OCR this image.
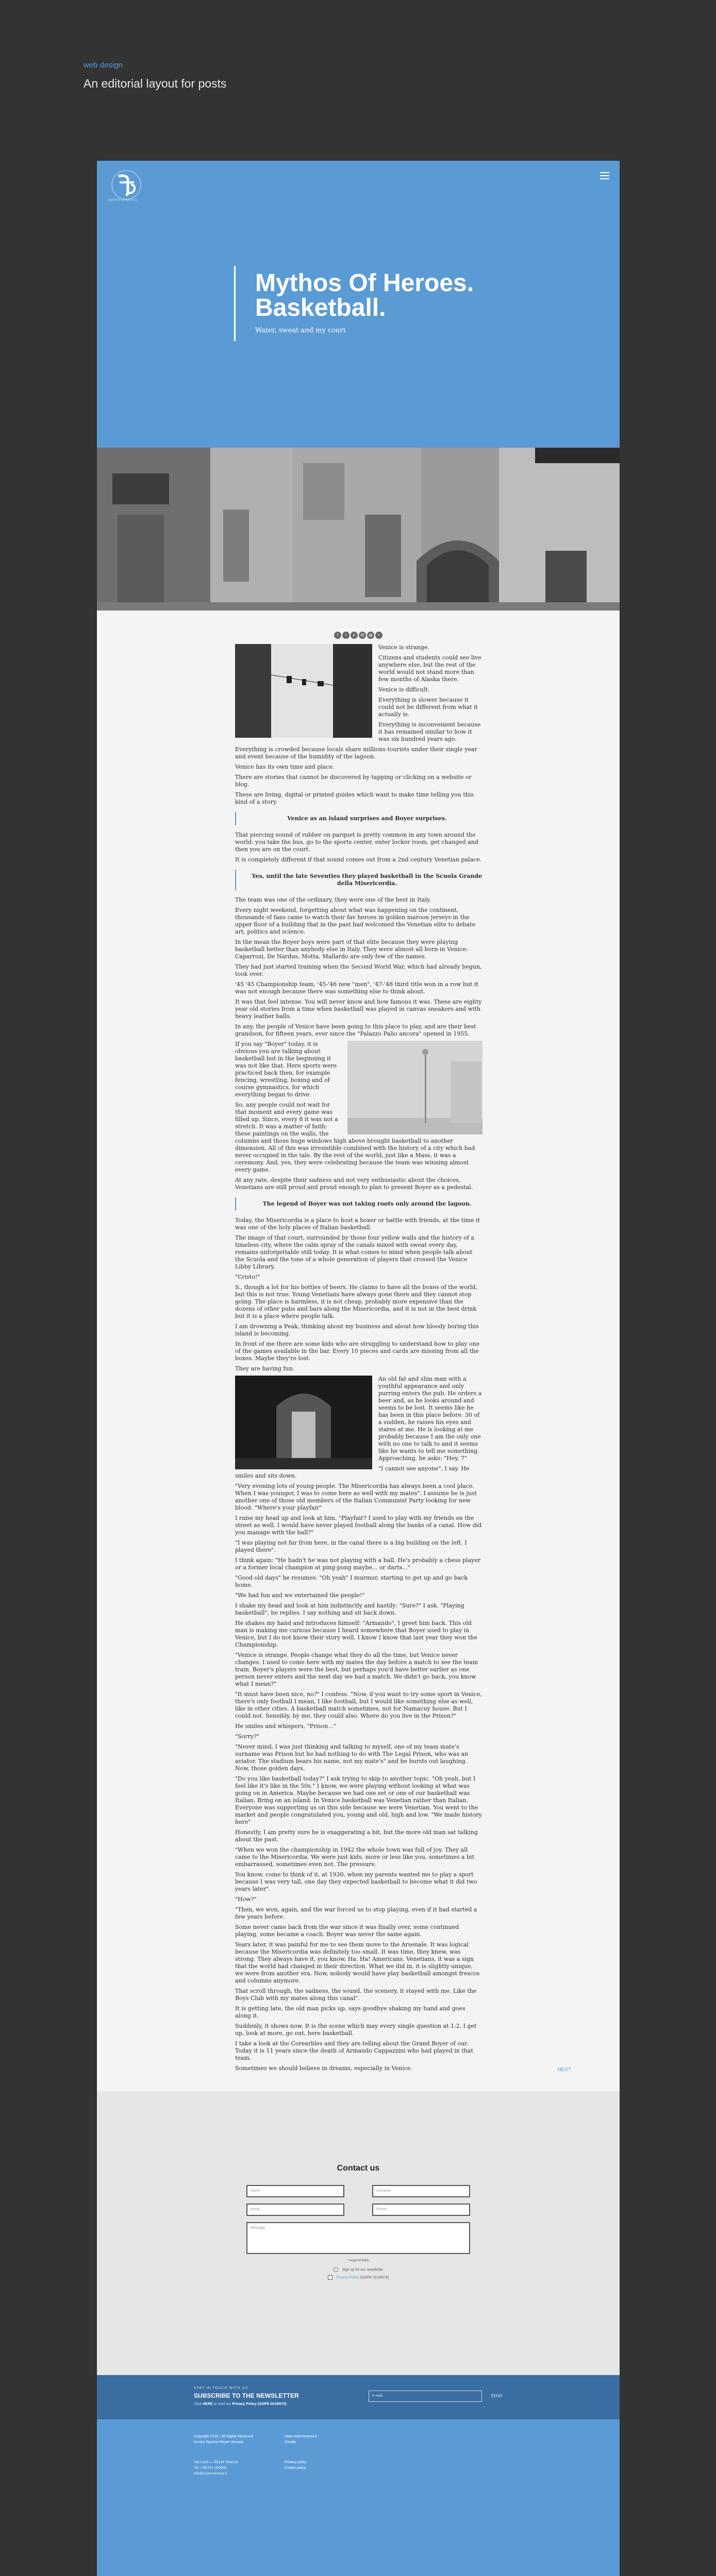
web design
An editorial layout for posts
CENTRO SPORTIVO
Mythos Of Heroes.
Basketball.
Water, sweat and my court
f t p @ ▤ +

Venice is strange.

Citizens and students could see live anywhere else, but the rest of the world would not stand more than few months of Alaska there.

Venice is difficult.

Everything is slower because it could not be different from what it actually is.

Everything is inconvenient because it has remained similar to how it was six hundred years ago.

Everything is crowded because locals share millions tourists under their single year and event because of the humidity of the lagoon.

Venice has its own time and place.

There are stories that cannot be discovered by tapping or clicking on a website or blog.

These are living, digital or printed guides which want to make time telling you this kind of a story.

Venice as an island surprises and Boyer surprises.

That piercing sound of rubber on parquet is pretty common in any town around the world: you take the bus, go to the sports center, enter locker room, get changed and then you are on the court.

It is completely different if that sound comes out from a 2nd century Venetian palace.

Yes, until the late Seventies they played basketball in the Scuola Grande della Misericordia.

The team was one of the ordinary, they were one of the best in Italy.

Every night weekend, forgetting about what was happening on the continent, thousands of fans came to watch their fav heroes in golden maroon jerseys in the upper floor of a building that in the past had welcomed the Venetian elite to debate art, politics and science.

In the mean the Boyer boys were part of that elite because they were playing basketball better than anybody else in Italy. They were almost all born in Venice: Caparrozi, De Nardus, Motta, Mallardo are only few of the names.

They had just started training when the Second World War, which had already begun, took over.

'45 '45 Championship team, '45-'46 new "men", '47-'48 third title won in a row but it was not enough because there was something else to think about.

It was that feel intense. You will never know and how famous it was. These are eighty year old stories from a time when basketball was played in canvas sneakers and with heavy leather balls.

In any, the people of Venice have been going to this place to play, and are their best grandson, for fifteen years, ever since the "Palazzo Palio ancora" opened in 1955.

If you say "Boyer" today, it is obvious you are talking about basketball but in the beginning it was not like that. Here sports were practiced back then, for example fencing, wrestling, boxing and of course gymnastics, for which everything began to drive.

So, any people could not wait for that moment and every game was filled up. Since, every 8 it was not a stretch. It was a matter of faith: these paintings on the walls, the columns and those huge windows high above brought basketball to another dimension. All of this was irresistible combined with the history of a city which had never occupied in the tale. By the rest of the world, just like a Mass, it was a ceremony. And, yes, they were celebrating because the team was winning almost every game.

At any rate, despite their sadness and not very enthusiastic about the choices, Venetians are still proud and proud enough to plan to present Boyer as a pedestal.

The legend of Boyer was not taking roots only around the lagoon.

Today, the Misericordia is a place to host a boxer or battle with friends, at the time it was one of the holy places of Italian basketball.

The image of that court, surrounded by those four yellow walls and the history of a timeless city, where the calm spray of the canals mixed with sweat every day, remains unforgettable still today. It is what comes to mind when people talk about the Scuola and the tone of a whole generation of players that crossed the Venice Libby Library.

"Cristo!"

S., though a lot for his bottles of beers. He claims to have all the boxes of the world, but this is not true. Young Venetians have always gone there and they cannot stop going. The place is harmless, it is not cheap, probably more expensive than the dozens of other pubs and bars along the Misericordia, and it is not in the best drink but it is a place where people talk.

I am drowning a Peak, thinking about my business and about how bloody boring this island is becoming.

In front of me there are some kids who are struggling to understand how to play one of the games available in the bar. Every 10 pieces and cards are missing from all the boxes. Maybe they're lost.

They are having fun.

An old fat and slim man with a youthful appearance and only purring enters the pub. He orders a beer and, as he looks around and seems to be lost. It seems like he has been in this place before. 30 of a sudden, he raises his eyes and stares at me. He is looking at me probably because I am the only one with no one to talk to and it seems like he wants to tell me something. Approaching, he asks: "Hey, 7"

"I cannot see anyone", I say. He smiles and sits down.

"Very evening lots of young people. The Misericordia has always been a cool place. When I was younger, I was to come here as well with my mates". I assume he is just another one of those old members of the Italian Communist Party looking for new blood. "Where's your playfair"

I raise my head up and look at him. "Playfair? I used to play with my friends on the street as well. I would have never played football along the banks of a canal. How did you manage with the ball?"

"I was playing not far from here, in the canal there is a big building on the left. I played there".

I think again: "He hadn't he was not playing with a ball. He's probably a chess player or a former local champion at ping-pong maybe... or darts..."

"Good old days" he resumes. "Oh yeah" I murmur, starting to get up and go back home.

"We had fun and we entertained the people!"

I shake my head and look at him indistinctly and hastily: "Sure?" I ask. "Playing basketball", he replies. I say nothing and sit back down.

He shakes my hand and introduces himself: "Armando", I greet him back. This old man is making me curious because I heard somewhere that Boyer used to play in Venice, but I do not know their story well. I know I know that last year they won the Championship.

"Venice is strange. People change what they do all the time, but Venice never changes. I used to come here with my mates the day before a match to see the team train. Boyer's players were the best, but perhaps you'd have better earlier as one person never enters and the next day we had a match. We didn't go back, you know what I mean?"

"It must have been nice, no?" I confess. "Now, if you want to try some sport in Venice, there's only football I mean, I like football, but I would like something else as well, like in other cities. A basketball match sometimes, not for Namacuy house. But I could not. Sensibly, by me, they could also. Where do you live in the Prison?"

He smiles and whispers, "Prison..."

"Sorry?"

"Never mind, I was just thinking and talking to myself, one of my team mate's surname was Prison but he had nothing to do with The Legal Prison, who was an aviator. The stadium bears his name, not my mate's" and he bursts out laughing. Now, those golden days.

"Do you like basketball today?" I ask trying to skip to another topic. "Oh yeah, but I feel like it's like in the 50s." I know, we were playing without looking at what was going on in America. Maybe because we had one set or one of our basketball was Italian. Bring on an island. In Venice basketball was Venetian rather than Italian. Everyone was supporting us on this side because we were Venetian. You went to the market and people congratulated you, young and old, high and low. "We made history here"

Honestly, I am pretty sure he is exaggerating a bit, but the more old man sat talking about the past.

"When we won the championship in 1942 the whole town was full of joy. They all came to the Misericordia. We were just kids, more or less like you, sometimes a bit embarrassed, sometimes even not. The pressure.

You know, come to think of it, at 1930, when my parents wanted me to play a sport because I was very tall, one day they expected basketball to become what it did two years later".

"How?"

"Then, we won, again, and the war forced us to stop playing, even if it had started a few years before.

Some never came back from the war since it was finally over, some continued playing, some became a coach. Boyer was never the same again.

Years later, it was painful for me to see them move to the Arsenale. It was logical because the Misericordia was definitely too small. It was time, they knew, was strong. They always have it, you know, Ha. Ha! Americans. Venetians, it was a sign that the world had changed in their direction. What we did in, it is slightly unique, we were from another era. Now, nobody would have play basketball amongst frescos and columns anymore.

That scroll through, the sadness, the sound, the scenery, it stayed with me. Like the Boys Club with my mates along this canal".

It is getting late, the old man picks up, says goodbye shaking my hand and goes along it.

Suddenly, it shows now. It is the scene which may every single question at 1:2. I get up, look at more, go out, here basketball.

I take a look at the Corearbles and they are telling about the Grand Boyer of our. Today it is 11 years since the death of Armando Cappazzini who had played in that team.

Sometimes we should believe in dreams, especially in Venice.	NEXT
Contact us
Name	Surname
Email	Phone
Message
* required fields
Sign up for our newsletter
Privacy Policy (GDPR 2016/679)
STAY IN TOUCH WITH US
SUBSCRIBE TO THE NEWSLETTER
Click HERE to read our Privacy Policy (GDPR 2016/679)
E-mail	SEND
Copyright 2018 - All Rights Reserved
Centro Sportivo Reyer Venezia
Via Carlo — 30124 Venezia
Tel. +39 041 000000
info@reyervenezia.it
www.reyervenezia.it
Credits
Privacy policy
Cookie policy
